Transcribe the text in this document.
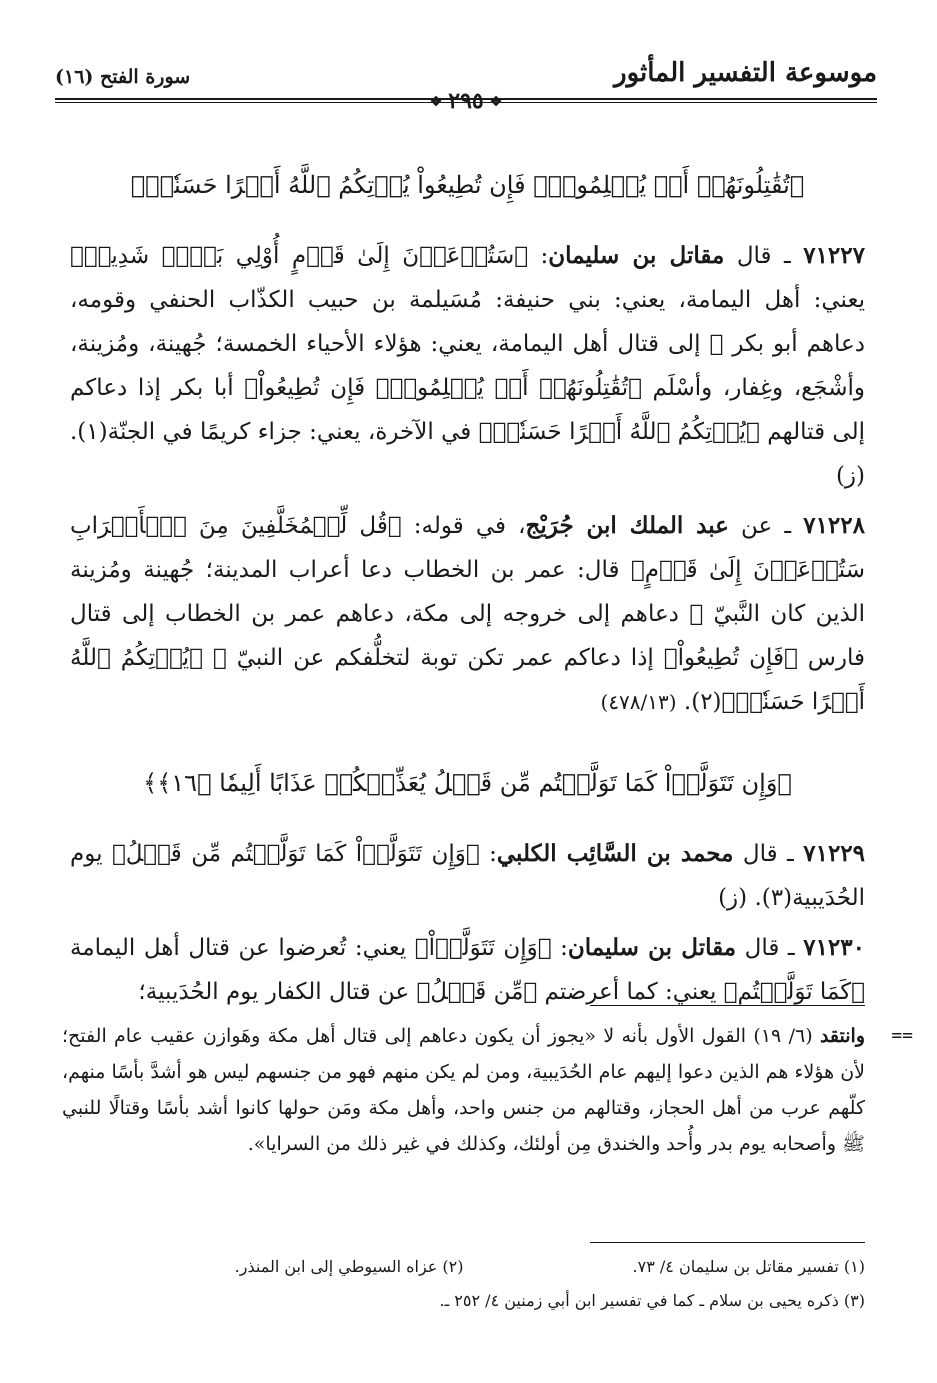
موسوعة التفسير المأثور
❖٢٩٥❖
سورة الفتح (١٦)
﴿تُقَٰتِلُونَهُمۡ أَوۡ يُسۡلِمُونَۖ فَإِن تُطِيعُواْ يُؤۡتِكُمُ ٱللَّهُ أَجۡرًا حَسَنٗاۖ﴾
٧١٢٢٧ ـ قال مقاتل بن سليمان: ﴿سَتُدۡعَوۡنَ إِلَىٰ قَوۡمٍ أُوْلِي بَأۡسٖ شَدِيدٖ﴾ يعني: أهل اليمامة، يعني: بني حنيفة: مُسَيلمة بن حبيب الكذّاب الحنفي وقومه، دعاهم أبو بكر ﷺ إلى قتال أهل اليمامة، يعني: هؤلاء الأحياء الخمسة؛ جُهينة، ومُزينة، وأشْجَع، وغِفار، وأسْلَم ﴿تُقَٰتِلُونَهُمۡ أَوۡ يُسۡلِمُونَۖ فَإِن تُطِيعُواْ﴾ أبا بكر إذا دعاكم إلى قتالهم ﴿يُؤۡتِكُمُ ٱللَّهُ أَجۡرًا حَسَنٗاۖ﴾ في الآخرة، يعني: جزاء كريمًا في الجنّة(١). (ز)
٧١٢٢٨ ـ عن عبد الملك ابن جُرَيْج، في قوله: ﴿قُل لِّلۡمُخَلَّفِينَ مِنَ ٱلۡأَعۡرَابِ سَتُدۡعَوۡنَ إِلَىٰ قَوۡمٍ﴾ قال: عمر بن الخطاب دعا أعراب المدينة؛ جُهينة ومُزينة الذين كان النَّبيّ ﷺ دعاهم إلى خروجه إلى مكة، دعاهم عمر بن الخطاب إلى قتال فارس ﴿فَإِن تُطِيعُواْ﴾ إذا دعاكم عمر تكن توبة لتخلُّفكم عن النبيّ ﷺ ﴿يُؤۡتِكُمُ ٱللَّهُ أَجۡرًا حَسَنٗاۖ﴾(٢). (٤٧٨/١٣)
﴿وَإِن تَتَوَلَّوۡاْ كَمَا تَوَلَّيۡتُم مِّن قَبۡلُ يُعَذِّبۡكُمۡ عَذَابًا أَلِيمٗا ﴿١٦﴾﴾
٧١٢٢٩ ـ قال محمد بن السَّائِب الكلبي: ﴿وَإِن تَتَوَلَّوۡاْ كَمَا تَوَلَّيۡتُم مِّن قَبۡلُ﴾ يوم الحُدَيبية(٣). (ز)
٧١٢٣٠ ـ قال مقاتل بن سليمان: ﴿وَإِن تَتَوَلَّوۡاْ﴾ يعني: تُعرضوا عن قتال أهل اليمامة ﴿كَمَا تَوَلَّيۡتُم﴾ يعني: كما أعرضتم ﴿مِّن قَبۡلُ﴾ عن قتال الكفار يوم الحُدَيبية؛
==
وانتقد (٦/ ١٩) القول الأول بأنه لا «يجوز أن يكون دعاهم إلى قتال أهل مكة وهَوازن عقيب عام الفتح؛ لأن هؤلاء هم الذين دعوا إليهم عام الحُدَيبية، ومن لم يكن منهم فهو من جنسهم ليس هو أشدَّ بأسًا منهم، كلّهم عرب من أهل الحجاز، وقتالهم من جنس واحد، وأهل مكة ومَن حولها كانوا أشد بأسًا وقتالًا للنبي ﷺ وأصحابه يوم بدر وأُحد والخندق مِن أولئك، وكذلك في غير ذلك من السرايا».
(١) تفسير مقاتل بن سليمان ٤/ ٧٣.
(٢) عزاه السيوطي إلى ابن المنذر.
(٣) ذكره يحيى بن سلام ـ كما في تفسير ابن أبي زمنين ٤/ ٢٥٢ ـ.
